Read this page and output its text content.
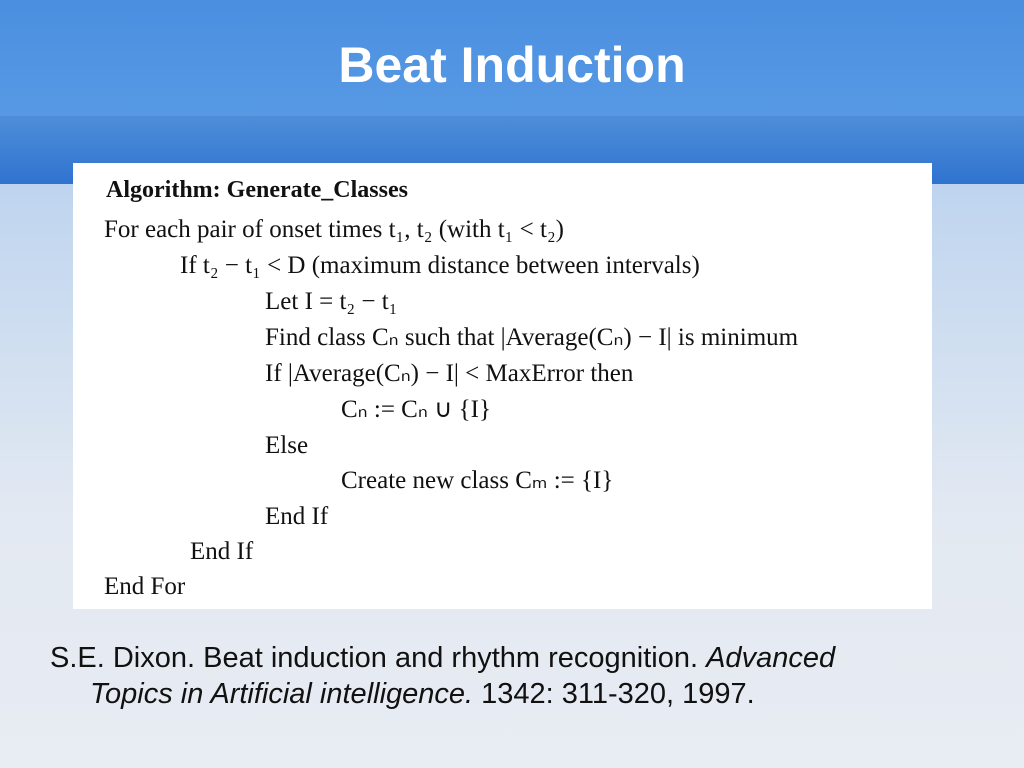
Beat Induction
Algorithm: Generate_Classes
For each pair of onset times t₁, t₂ (with t₁ < t₂)
If t₂ − t₁ < D (maximum distance between intervals)
Let I = t₂ − t₁
Find class Cₙ such that |Average(Cₙ) − I| is minimum
If |Average(Cₙ) − I| < MaxError then
Cₙ := Cₙ ∪ {I}
Else
Create new class Cₘ := {I}
End If
End If
End For
S.E. Dixon. Beat induction and rhythm recognition. Advanced
Topics in Artificial intelligence. 1342: 311-320, 1997.
